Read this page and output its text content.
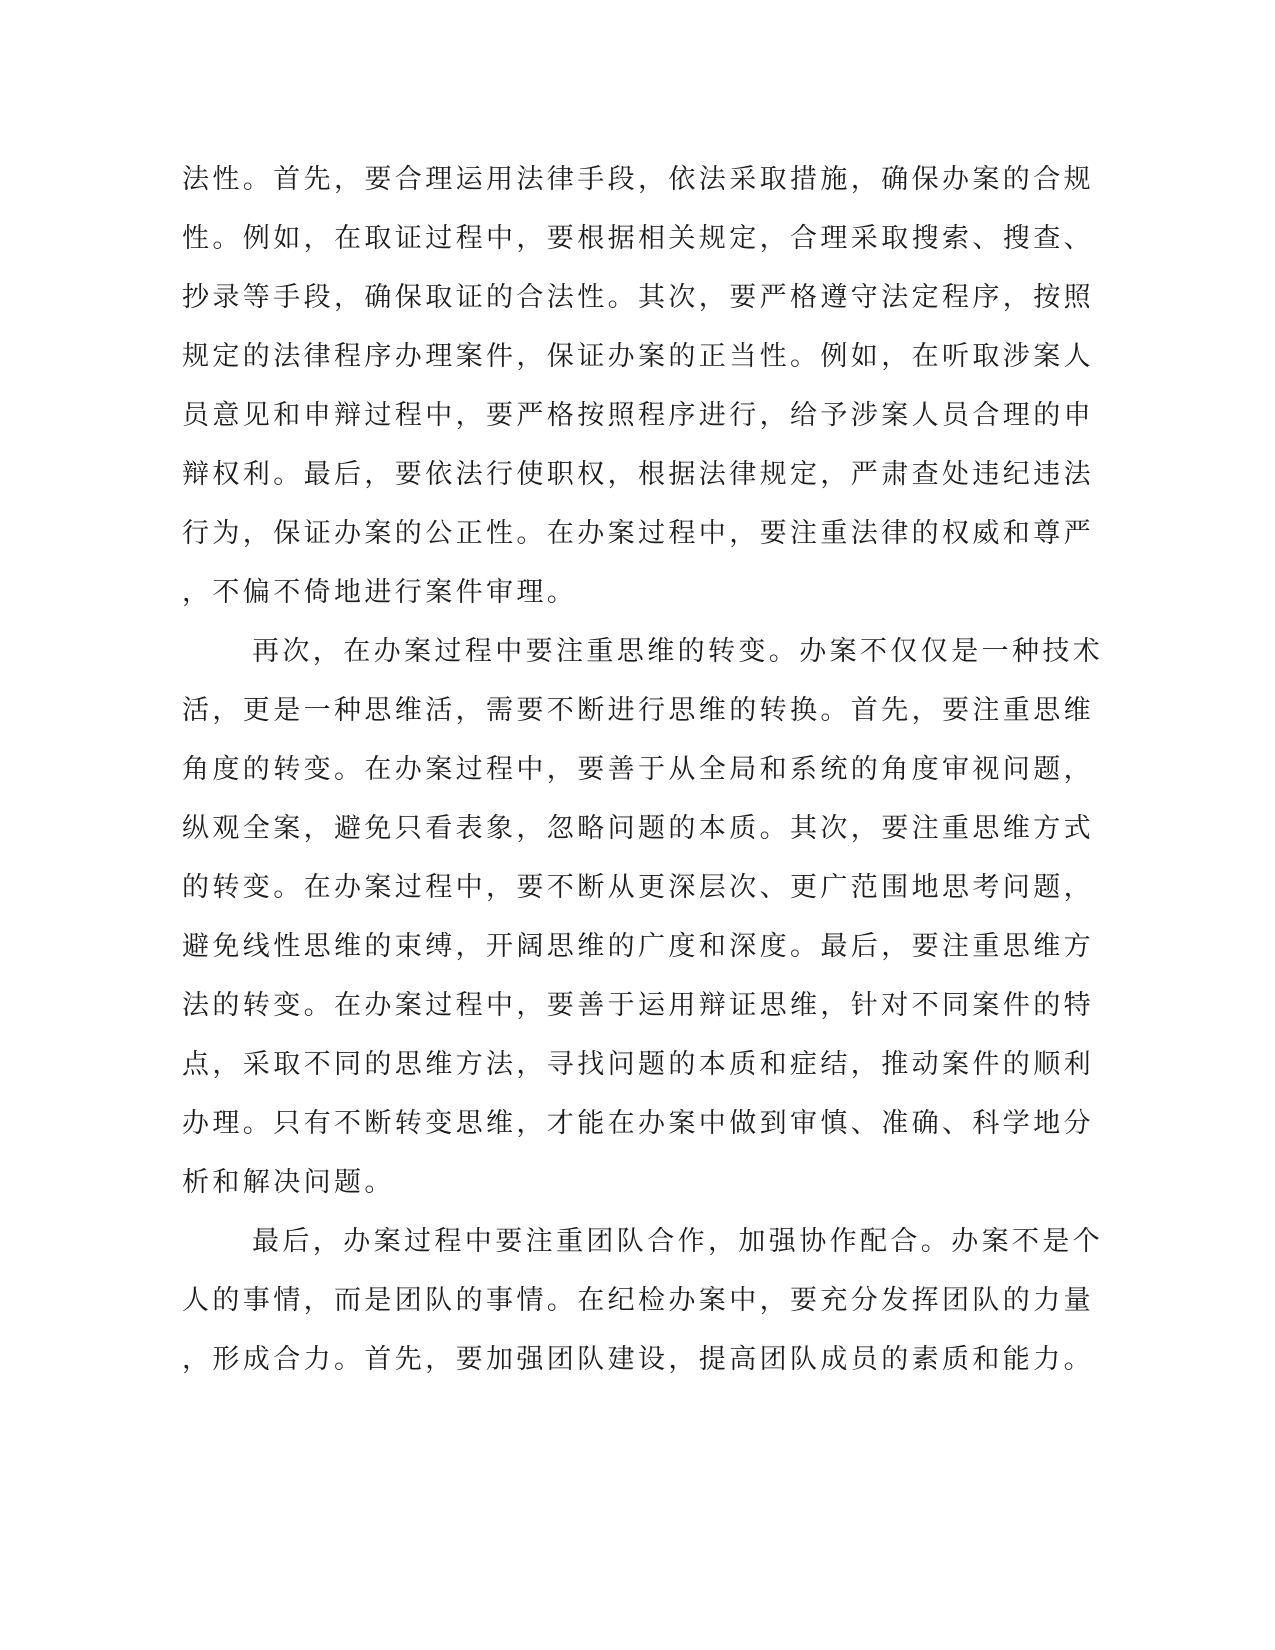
法性。首先，要合理运用法律手段，依法采取措施，确保办案的合规
性。例如，在取证过程中，要根据相关规定，合理采取搜索、搜查、
抄录等手段，确保取证的合法性。其次，要严格遵守法定程序，按照
规定的法律程序办理案件，保证办案的正当性。例如，在听取涉案人
员意见和申辩过程中，要严格按照程序进行，给予涉案人员合理的申
辩权利。最后，要依法行使职权，根据法律规定，严肃查处违纪违法
行为，保证办案的公正性。在办案过程中，要注重法律的权威和尊严
，不偏不倚地进行案件审理。
再次，在办案过程中要注重思维的转变。办案不仅仅是一种技术
活，更是一种思维活，需要不断进行思维的转换。首先，要注重思维
角度的转变。在办案过程中，要善于从全局和系统的角度审视问题，
纵观全案，避免只看表象，忽略问题的本质。其次，要注重思维方式
的转变。在办案过程中，要不断从更深层次、更广范围地思考问题，
避免线性思维的束缚，开阔思维的广度和深度。最后，要注重思维方
法的转变。在办案过程中，要善于运用辩证思维，针对不同案件的特
点，采取不同的思维方法，寻找问题的本质和症结，推动案件的顺利
办理。只有不断转变思维，才能在办案中做到审慎、准确、科学地分
析和解决问题。
最后，办案过程中要注重团队合作，加强协作配合。办案不是个
人的事情，而是团队的事情。在纪检办案中，要充分发挥团队的力量
，形成合力。首先，要加强团队建设，提高团队成员的素质和能力。
